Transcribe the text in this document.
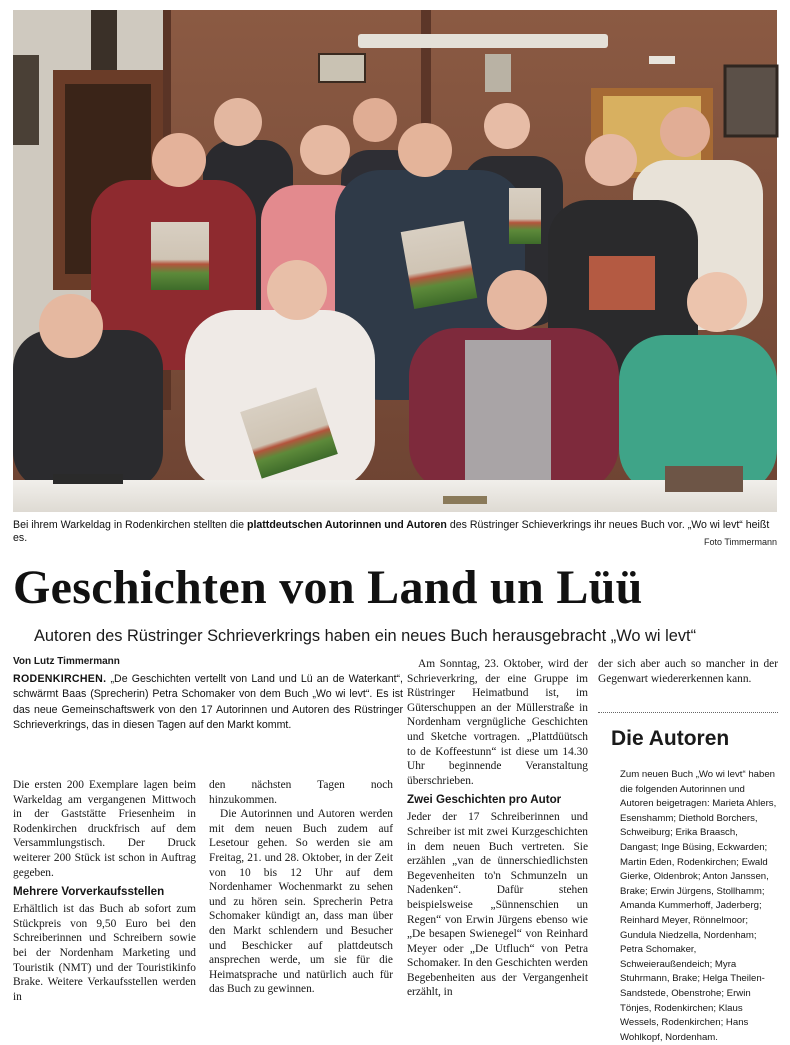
Bei ihrem Warkeldag in Rodenkirchen stellten die plattdeutschen Autorinnen und Autoren des Rüstringer Schieverkrings ihr neues Buch vor. „Wo wi levt“ heißt es.	Foto Timmermann
Geschichten von Land un Lüü
Autoren des Rüstringer Schrieverkrings haben ein neues Buch herausgebracht „Wo wi levt“
Von Lutz Timmermann
RODENKIRCHEN. „De Geschichten vertellt von Land und Lü an de Waterkant“, schwärmt Baas (Sprecherin) Petra Schomaker von dem Buch „Wo wi levt“. Es ist das neue Gemeinschaftswerk von den 17 Autorinnen und Autoren des Rüstringer Schrieverkrings, das in diesen Tagen auf den Markt kommt.

Die ersten 200 Exemplare lagen beim Warkeldag am vergangenen Mittwoch in der Gaststätte Friesenheim in Rodenkirchen druckfrisch auf dem Versammlungstisch. Der Druck weiterer 200 Stück ist schon in Auftrag gegeben.

Mehrere Vorverkaufsstellen

Erhältlich ist das Buch ab sofort zum Stückpreis von 9,50 Euro bei den Schreiberinnen und Schreibern sowie bei der Nordenham Marketing und Touristik (NMT) und der Touristikinfo Brake. Weitere Verkaufsstellen werden in

den nächsten Tagen noch hinzukommen.

Die Autorinnen und Autoren werden mit dem neuen Buch zudem auf Lesetour gehen. So werden sie am Freitag, 21. und 28. Oktober, in der Zeit von 10 bis 12 Uhr auf dem Nordenhamer Wochenmarkt zu sehen und zu hören sein. Sprecherin Petra Schomaker kündigt an, dass man über den Markt schlendern und Besucher und Beschicker auf plattdeutsch ansprechen werde, um sie für die Heimatsprache und natürlich auch für das Buch zu gewinnen.

Am Sonntag, 23. Oktober, wird der Schrieverkring, der eine Gruppe im Rüstringer Heimatbund ist, im Güterschuppen an der Müllerstraße in Nordenham vergnügliche Geschichten und Sketche vortragen. „Plattdüütsch to de Koffeestunn“ ist diese um 14.30 Uhr beginnende Veranstaltung überschrieben.

Zwei Geschichten pro Autor

Jeder der 17 Schreiberinnen und Schreiber ist mit zwei Kurzgeschichten in dem neuen Buch vertreten. Sie erzählen „van de ünnerschiedlichsten Begevenheiten to'n Schmunzeln un Nadenken“. Dafür stehen beispielsweise „Sünnenschien un Regen“ von Erwin Jürgens ebenso wie „De besapen Swienegel“ von Reinhard Meyer oder „De Utfluch“ von Petra Schomaker. In den Geschichten werden Begebenheiten aus der Vergangenheit erzählt, in

der sich aber auch so mancher in der Gegenwart wiedererkennen kann.

Die Autoren
Zum neuen Buch „Wo wi levt“ haben die folgenden Autorinnen und Autoren beigetragen: Marieta Ahlers, Esenshamm; Diethold Borchers, Schweiburg; Erika Braasch, Dangast; Inge Büsing, Eckwarden; Martin Eden, Rodenkirchen; Ewald Gierke, Oldenbrok; Anton Janssen, Brake; Erwin Jürgens, Stollhamm; Amanda Kummerhoff, Jaderberg; Reinhard Meyer, Rönnelmoor; Gundula Niedzella, Nordenham; Petra Schomaker, Schweieraußendeich; Myra Stuhrmann, Brake; Helga Theilen-Sandstede, Obenstrohe; Erwin Tönjes, Rodenkirchen; Klaus Wessels, Rodenkirchen; Hans Wohlkopf, Nordenham.
